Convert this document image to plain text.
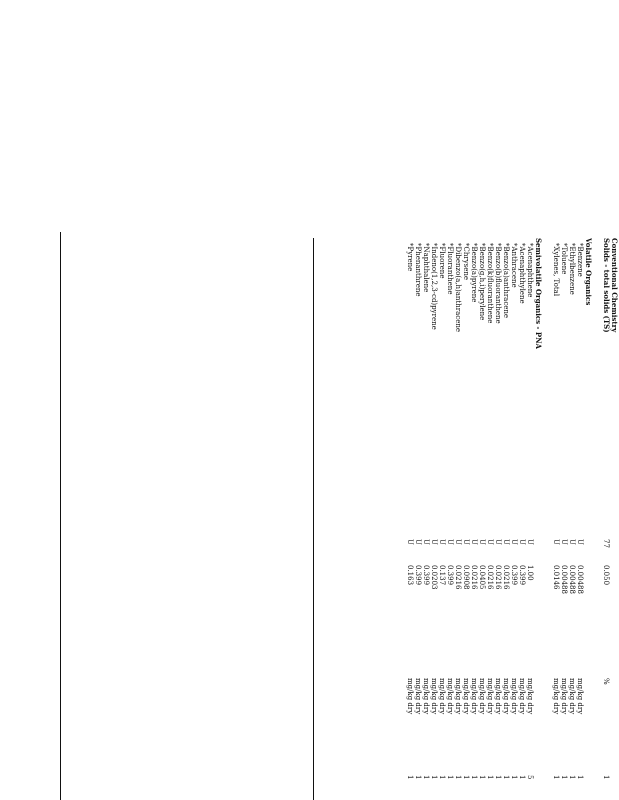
Conventional Chemistry
Solids - total solids (TS)
77
0.050
%
1
Volatile Organics
*Benzene
U
0.00488
mg/kg dry
1
*Ethylbenzene
U
0.00488
mg/kg dry
1
*Toluene
U
0.00488
mg/kg dry
1
*Xylenes, Total
U
0.0146
mg/kg dry
1
Semivolatile Organics - PNA
*Acenaphthene
U
1.00
mg/kg dry
5
*Acenaphthylene
U
0.399
mg/kg dry
1
*Anthracene
U
0.399
mg/kg dry
1
*Benzo(a)anthracene
U
0.0216
mg/kg dry
1
*Benzo(b)fluoranthene
U
0.0216
mg/kg dry
1
*Benzo(k)fluoranthene
U
0.0216
mg/kg dry
1
*Benzo(g,h,i)perylene
U
0.0405
mg/kg dry
1
*Benzo(a)pyrene
U
0.0216
mg/kg dry
1
*Chrysene
U
0.0908
mg/kg dry
1
*Dibenzo(a,h)anthracene
U
0.0216
mg/kg dry
1
*Fluoranthene
U
0.399
mg/kg dry
1
*Fluorene
U
0.137
mg/kg dry
1
*Indeno(1,2,3-cd)pyrene
U
0.0203
mg/kg dry
1
*Naphthalene
U
0.399
mg/kg dry
1
*Phenanthrene
U
0.399
mg/kg dry
1
*Pyrene
U
0.163
mg/kg dry
1
